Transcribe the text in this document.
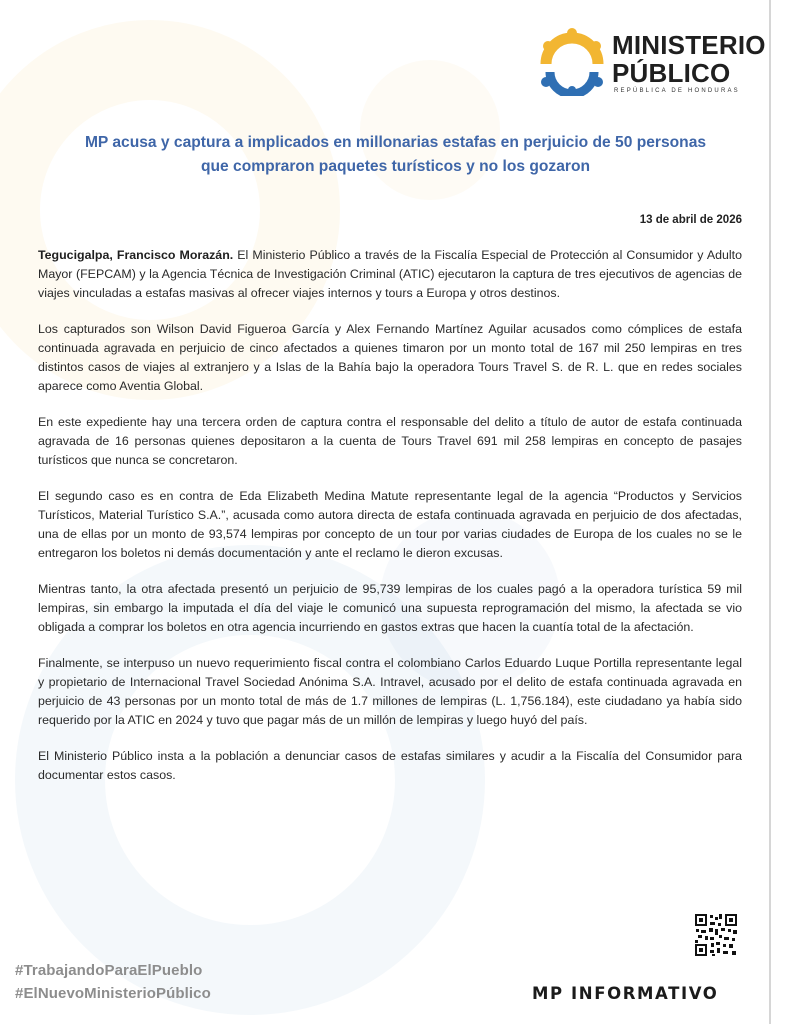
MINISTERIO
PÚBLICO
REPÚBLICA DE HONDURAS
MP acusa y captura a implicados en millonarias estafas en perjuicio de 50 personas
que compraron paquetes turísticos y no los gozaron
13 de abril de 2026

Tegucigalpa, Francisco Morazán. El Ministerio Público a través de la Fiscalía Especial de Protección al Consumidor y Adulto Mayor (FEPCAM) y la Agencia Técnica de Investigación Criminal (ATIC) ejecutaron la captura de tres ejecutivos de agencias de viajes vinculadas a estafas masivas al ofrecer viajes internos y tours a Europa y otros destinos.

Los capturados son Wilson David Figueroa García y Alex Fernando Martínez Aguilar acusados como cómplices de estafa continuada agravada en perjuicio de cinco afectados a quienes timaron por un monto total de 167 mil 250 lempiras en tres distintos casos de viajes al extranjero y a Islas de la Bahía bajo la operadora Tours Travel S. de R. L. que en redes sociales aparece como Aventia Global.

En este expediente hay una tercera orden de captura contra el responsable del delito a título de autor de estafa continuada agravada de 16 personas quienes depositaron a la cuenta de Tours Travel 691 mil 258 lempiras en concepto de pasajes turísticos que nunca se concretaron.

El segundo caso es en contra de Eda Elizabeth Medina Matute representante legal de la agencia “Productos y Servicios Turísticos, Material Turístico S.A.”, acusada como autora directa de estafa continuada agravada en perjuicio de dos afectadas, una de ellas por un monto de 93,574 lempiras por concepto de un tour por varias ciudades de Europa de los cuales no se le entregaron los boletos ni demás documentación y ante el reclamo le dieron excusas.

Mientras tanto, la otra afectada presentó un perjuicio de 95,739 lempiras de los cuales pagó a la operadora turística 59 mil lempiras, sin embargo la imputada el día del viaje le comunicó una supuesta reprogramación del mismo, la afectada se vio obligada a comprar los boletos en otra agencia incurriendo en gastos extras que hacen la cuantía total de la afectación.

Finalmente, se interpuso un nuevo requerimiento fiscal contra el colombiano Carlos Eduardo Luque Portilla representante legal y propietario de Internacional Travel Sociedad Anónima S.A. Intravel, acusado por el delito de estafa continuada agravada en perjuicio de 43 personas por un monto total de más de 1.7 millones de lempiras (L. 1,756.184), este ciudadano ya había sido requerido por la ATIC en 2024 y tuvo que pagar más de un millón de lempiras y luego huyó del país.

El Ministerio Público insta a la población a denunciar casos de estafas similares y acudir a la Fiscalía del Consumidor para documentar estos casos.

#TrabajandoParaElPueblo
#ElNuevoMinisterioPúblico	MP INFORMATIVO
